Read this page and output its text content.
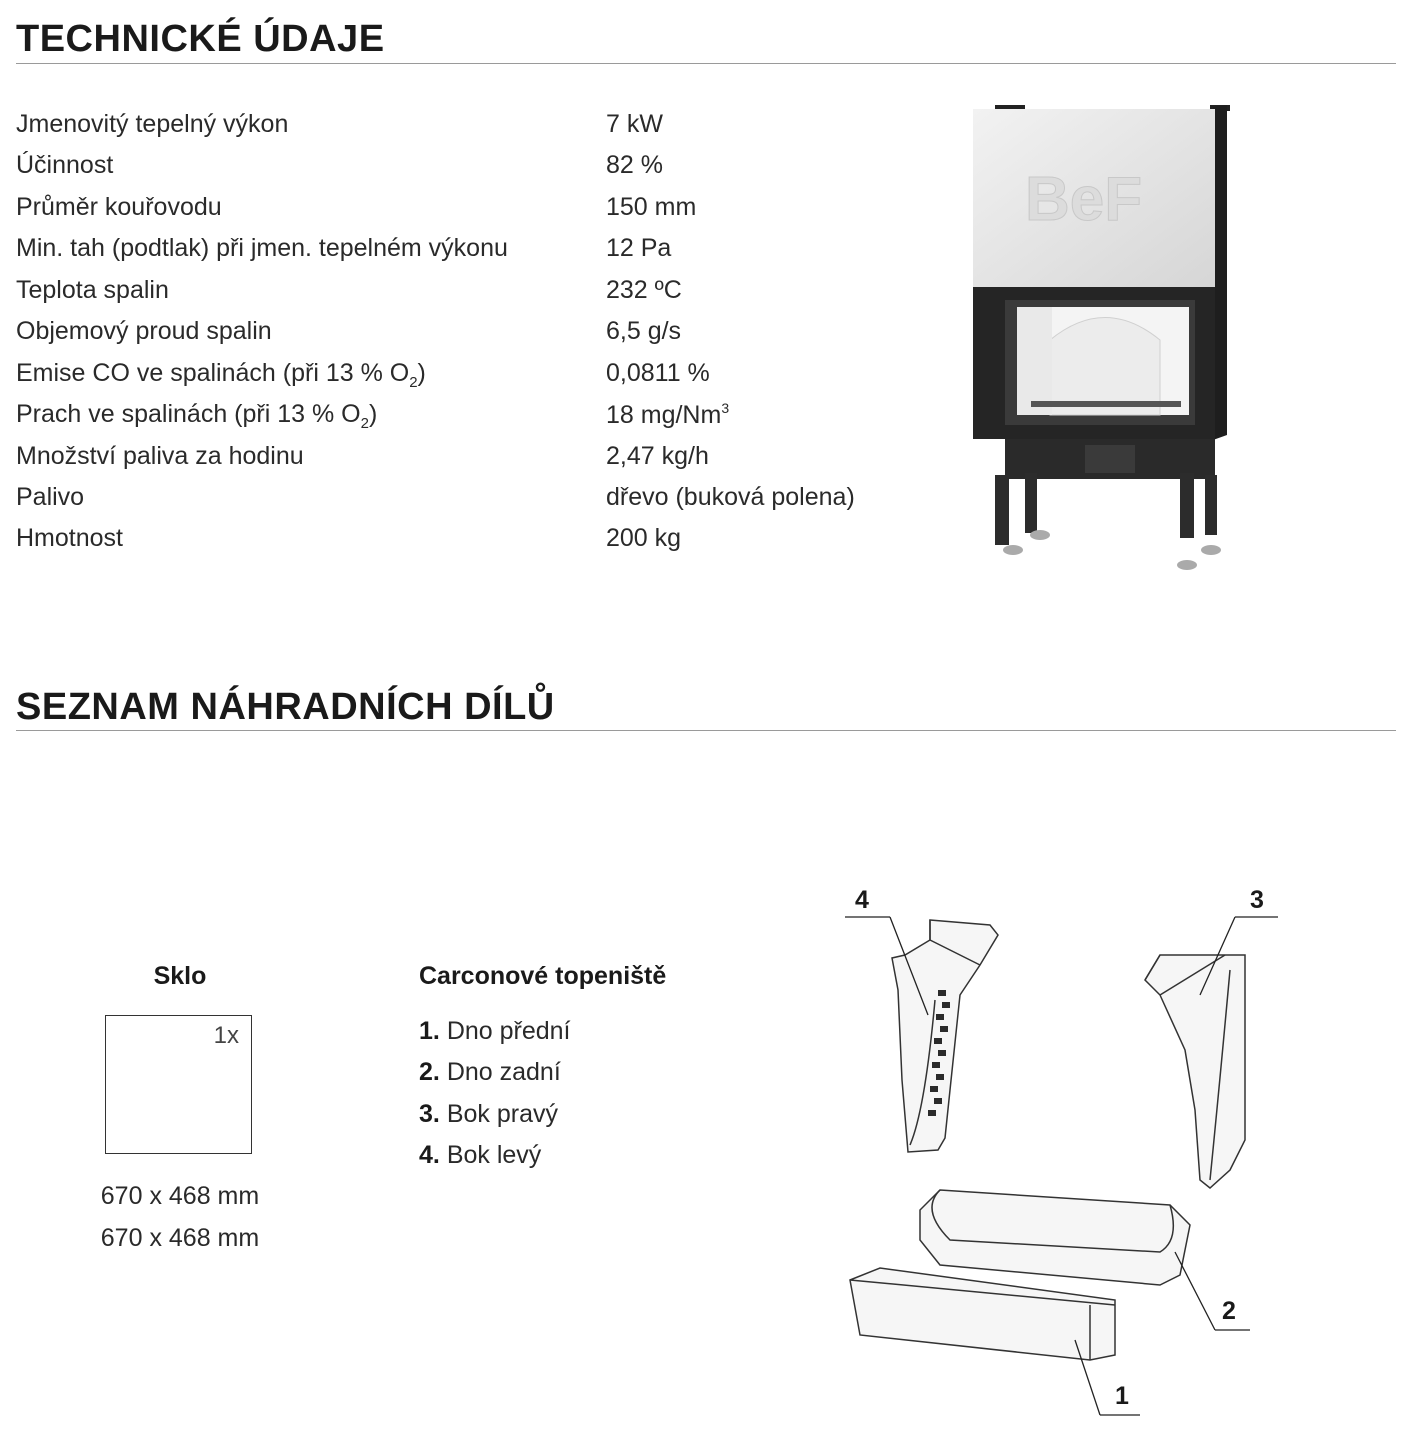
TECHNICKÉ ÚDAJE
Jmenovitý tepelný výkon	7 kW
Účinnost	82 %
Průměr kouřovodu	150 mm
Min. tah (podtlak) při jmen. tepelném výkonu	12 Pa
Teplota spalin	232 ºC
Objemový proud spalin	6,5 g/s
Emise CO ve spalinách (při 13 % $O_2$)	0,0811 %
Prach ve spalinách (při 13 % $O_2$)	18 mg/Nm$^3$
Množství paliva za hodinu	2,47 kg/h
Palivo	dřevo (buková polena)
Hmotnost	200 kg
BeF
SEZNAM NÁHRADNÍCH DÍLŮ
Sklo
1x
670 x 468 mm
670 x 468 mm
Carconové topeniště
1. Dno přední
2. Dno zadní
3. Bok pravý
4. Bok levý
4	3
2
1
